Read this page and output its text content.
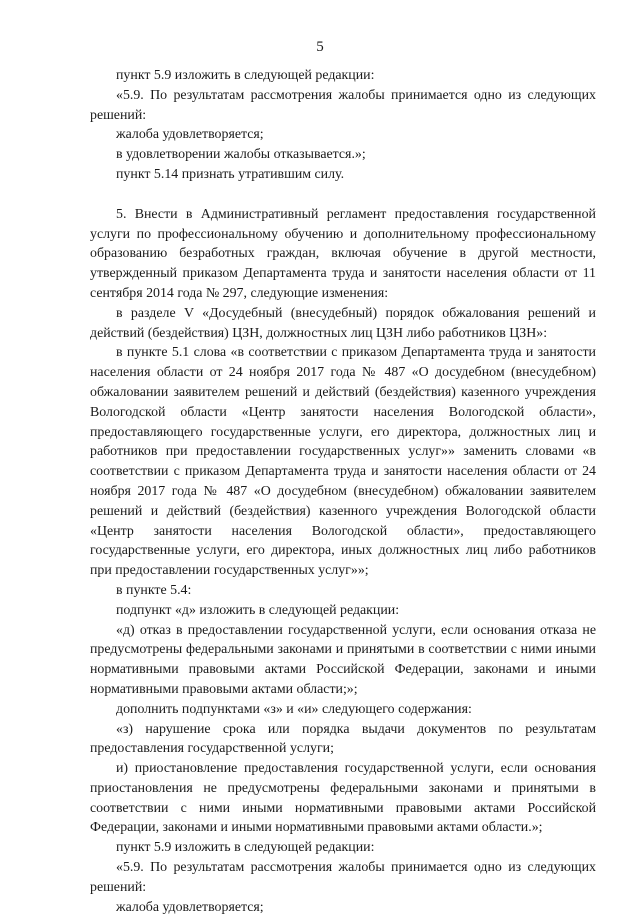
5

пункт 5.9 изложить в следующей редакции:

«5.9. По результатам рассмотрения жалобы принимается одно из следующих решений:

жалоба удовлетворяется;

в удовлетворении жалобы отказывается.»;

пункт 5.14 признать утратившим силу.

5. Внести в Административный регламент предоставления государственной услуги по профессиональному обучению и дополнительному профессиональному образованию безработных граждан, включая обучение в другой местности, утвержденный приказом Департамента труда и занятости населения области от 11 сентября 2014 года № 297, следующие изменения:

в разделе V «Досудебный (внесудебный) порядок обжалования решений и действий (бездействия) ЦЗН, должностных лиц ЦЗН либо работников ЦЗН»:

в пункте 5.1 слова «в соответствии с приказом Департамента труда и занятости населения области от 24 ноября 2017 года № 487 «О досудебном (внесудебном) обжаловании заявителем решений и действий (бездействия) казенного учреждения Вологодской области «Центр занятости населения Вологодской области», предоставляющего государственные услуги, его директора, должностных лиц и работников при предоставлении государственных услуг»» заменить словами «в соответствии с приказом Департамента труда и занятости населения области от 24 ноября 2017 года № 487 «О досудебном (внесудебном) обжаловании заявителем решений и действий (бездействия) казенного учреждения Вологодской области «Центр занятости населения Вологодской области», предоставляющего государственные услуги, его директора, иных должностных лиц либо работников при предоставлении государственных услуг»»;

в пункте 5.4:

подпункт «д» изложить в следующей редакции:

«д) отказ в предоставлении государственной услуги, если основания отказа не предусмотрены федеральными законами и принятыми в соответствии с ними иными нормативными правовыми актами Российской Федерации, законами и иными нормативными правовыми актами области;»;

дополнить подпунктами «з» и «и» следующего содержания:

«з) нарушение срока или порядка выдачи документов по результатам предоставления государственной услуги;

и) приостановление предоставления государственной услуги, если основания приостановления не предусмотрены федеральными законами и принятыми в соответствии с ними иными нормативными правовыми актами Российской Федерации, законами и иными нормативными правовыми актами области.»;

пункт 5.9 изложить в следующей редакции:

«5.9. По результатам рассмотрения жалобы принимается одно из следующих решений:

жалоба удовлетворяется;
